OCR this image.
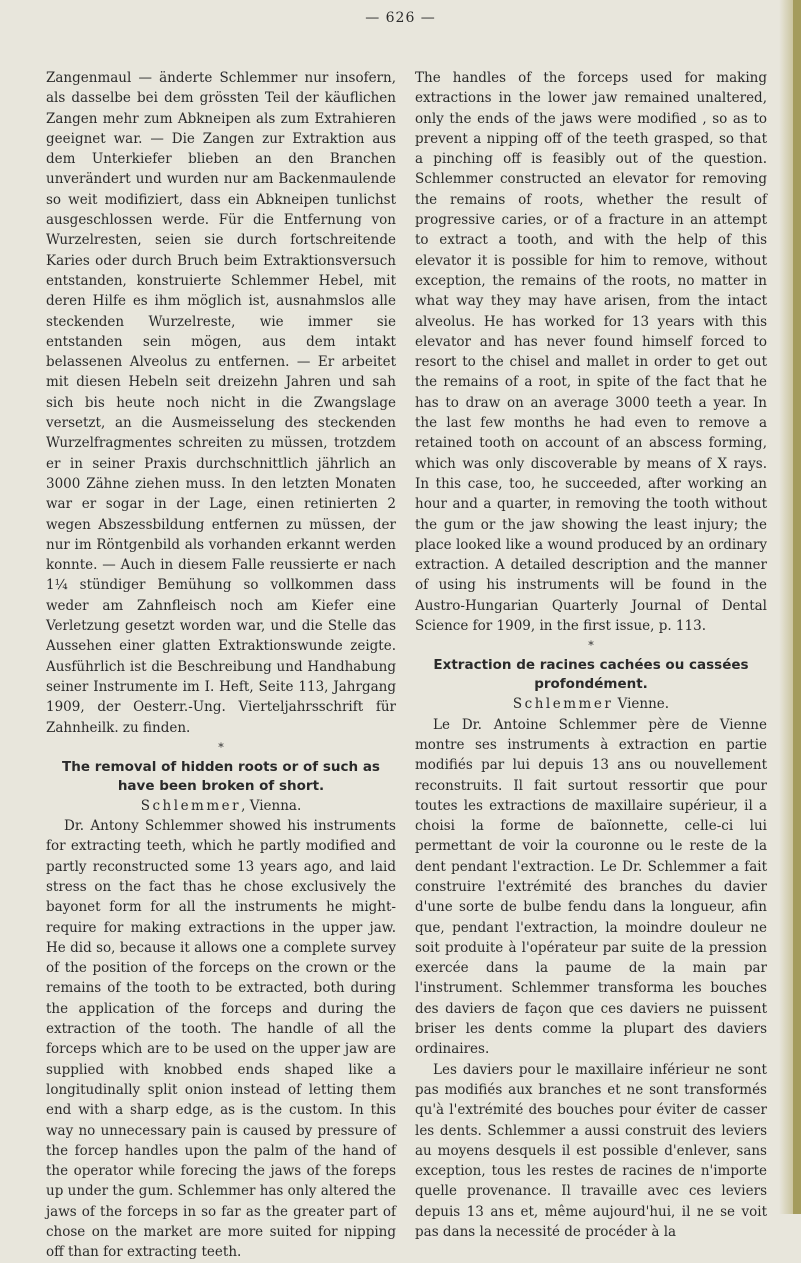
— 626 —

Zangenmaul — änderte Schlemmer nur insofern, als dasselbe bei dem grössten Teil der käuflichen Zangen mehr zum Abkneipen als zum Extrahieren geeignet war. — Die Zangen zur Extraktion aus dem Unterkiefer blieben an den Branchen unverändert und wurden nur am Backenmaulende so weit modifiziert, dass ein Abkneipen tunlichst ausgeschlossen werde. Für die Entfernung von Wurzelresten, seien sie durch fortschreitende Karies oder durch Bruch beim Extraktionsversuch entstanden, konstruierte Schlemmer Hebel, mit deren Hilfe es ihm möglich ist, ausnahmslos alle steckenden Wurzelreste, wie immer sie entstanden sein mögen, aus dem intakt belassenen Alveolus zu entfernen. — Er arbeitet mit diesen Hebeln seit dreizehn Jahren und sah sich bis heute noch nicht in die Zwangslage versetzt, an die Ausmeisselung des steckenden Wurzelfragmentes schreiten zu müssen, trotzdem er in seiner Praxis durchschnittlich jährlich an 3000 Zähne ziehen muss. In den letzten Monaten war er sogar in der Lage, einen retinierten 2 wegen Abszessbildung entfernen zu müssen, der nur im Röntgenbild als vorhanden erkannt werden konnte. — Auch in diesem Falle reussierte er nach 1¼ stündiger Bemühung so vollkommen dass weder am Zahnfleisch noch am Kiefer eine Verletzung gesetzt worden war, und die Stelle das Aussehen einer glatten Extraktionswunde zeigte. Ausführlich ist die Beschreibung und Handhabung seiner Instrumente im I. Heft, Seite 113, Jahrgang 1909, der Oesterr.-Ung. Vierteljahrsschrift für Zahnheilk. zu finden.

*
The removal of hidden roots or of such as have been broken of short.

Schlemmer, Vienna.

Dr. Antony Schlemmer showed his instruments for extracting teeth, which he partly modified and partly reconstructed some 13 years ago, and laid stress on the fact thas he chose exclusively the bayonet form for all the instruments he might-require for making extractions in the upper jaw. He did so, because it allows one a complete survey of the position of the forceps on the crown or the remains of the tooth to be extracted, both during the application of the forceps and during the extraction of the tooth. The handle of all the forceps which are to be used on the upper jaw are supplied with knobbed ends shaped like a longitudinally split onion instead of letting them end with a sharp edge, as is the custom. In this way no unnecessary pain is caused by pressure of the forcep handles upon the palm of the hand of the operator while forecing the jaws of the foreps up under the gum. Schlemmer has only altered the jaws of the forceps in so far as the greater part of chose on the market are more suited for nipping off than for extracting teeth.

The handles of the forceps used for making extractions in the lower jaw remained unaltered, only the ends of the jaws were modified , so as to prevent a nipping off of the teeth grasped, so that a pinching off is feasibly out of the question. Schlemmer constructed an elevator for removing the remains of roots, whether the result of progressive caries, or of a fracture in an attempt to extract a tooth, and with the help of this elevator it is possible for him to remove, without exception, the remains of the roots, no matter in what way they may have arisen, from the intact alveolus. He has worked for 13 years with this elevator and has never found himself forced to resort to the chisel and mallet in order to get out the remains of a root, in spite of the fact that he has to draw on an average 3000 teeth a year. In the last few months he had even to remove a retained tooth on account of an abscess forming, which was only discoverable by means of X rays. In this case, too, he succeeded, after working an hour and a quarter, in removing the tooth without the gum or the jaw showing the least injury; the place looked like a wound produced by an ordinary extraction. A detailed description and the manner of using his instruments will be found in the Austro-Hungarian Quarterly Journal of Dental Science for 1909, in the first issue, p. 113.

*
Extraction de racines cachées ou cassées profondément.

Schlemmer Vienne.

Le Dr. Antoine Schlemmer père de Vienne montre ses instruments à extraction en partie modifiés par lui depuis 13 ans ou nouvellement reconstruits. Il fait surtout ressortir que pour toutes les extractions de maxillaire supérieur, il a choisi la forme de baïonnette, celle-ci lui permettant de voir la couronne ou le reste de la dent pendant l'extraction. Le Dr. Schlemmer a fait construire l'extrémité des branches du davier d'une sorte de bulbe fendu dans la longueur, afin que, pendant l'extraction, la moindre douleur ne soit produite à l'opérateur par suite de la pression exercée dans la paume de la main par l'instrument. Schlemmer transforma les bouches des daviers de façon que ces daviers ne puissent briser les dents comme la plupart des daviers ordinaires.

Les daviers pour le maxillaire inférieur ne sont pas modifiés aux branches et ne sont transformés qu'à l'extrémité des bouches pour éviter de casser les dents. Schlemmer a aussi construit des leviers au moyens desquels il est possible d'enlever, sans exception, tous les restes de racines de n'importe quelle provenance. Il travaille avec ces leviers depuis 13 ans et, même aujourd'hui, il ne se voit pas dans la necessité de procéder à la
